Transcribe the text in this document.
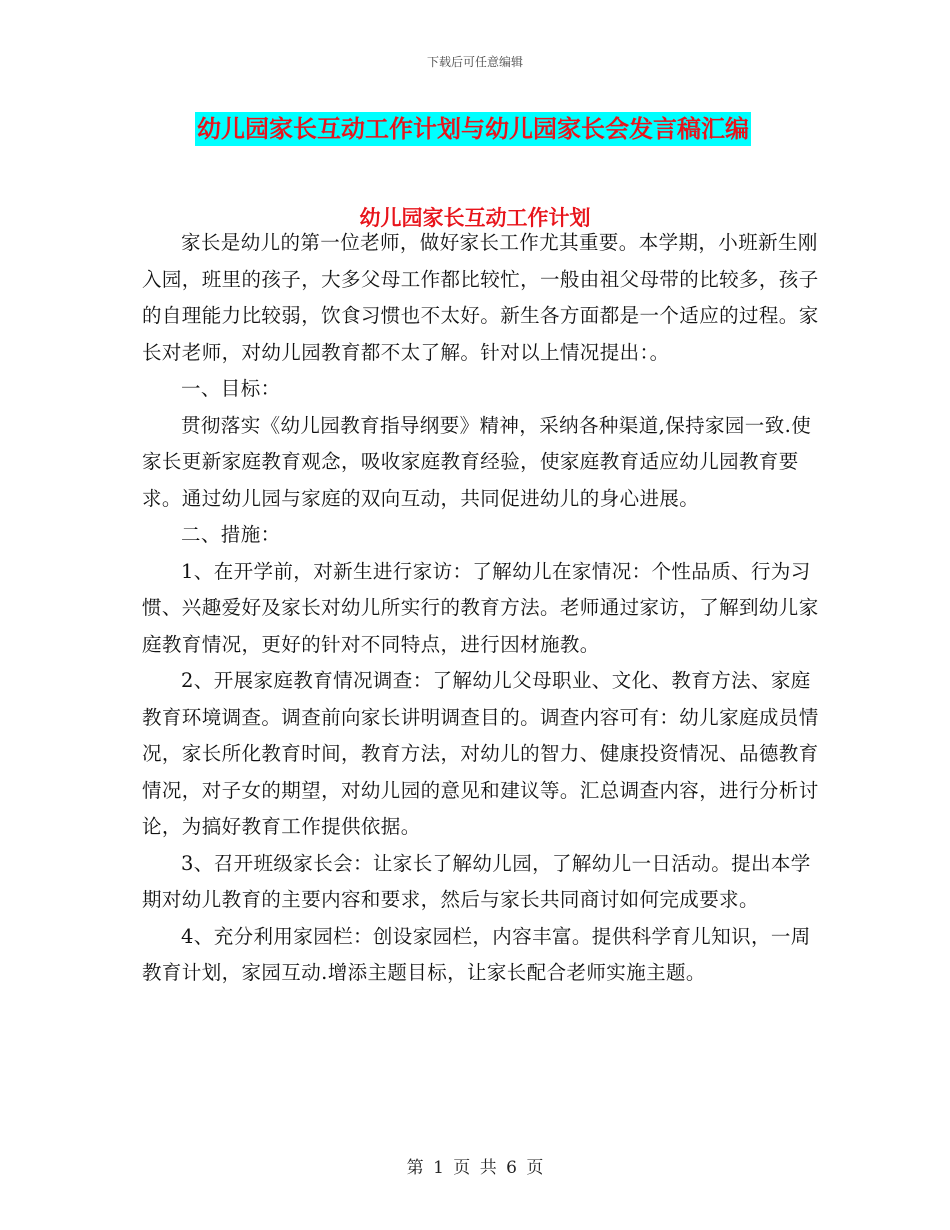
下载后可任意编辑
幼儿园家长互动工作计划与幼儿园家长会发言稿汇编
幼儿园家长互动工作计划

家长是幼儿的第一位老师，做好家长工作尤其重要。本学期，小班新生刚入园，班里的孩子，大多父母工作都比较忙，一般由祖父母带的比较多，孩子的自理能力比较弱，饮食习惯也不太好。新生各方面都是一个适应的过程。家长对老师，对幼儿园教育都不太了解。针对以上情况提出：。

一、目标：

贯彻落实《幼儿园教育指导纲要》精神，采纳各种渠道,保持家园一致.使家长更新家庭教育观念，吸收家庭教育经验，使家庭教育适应幼儿园教育要求。通过幼儿园与家庭的双向互动，共同促进幼儿的身心进展。

二、措施：

1、在开学前，对新生进行家访：了解幼儿在家情况：个性品质、行为习惯、兴趣爱好及家长对幼儿所实行的教育方法。老师通过家访，了解到幼儿家庭教育情况，更好的针对不同特点，进行因材施教。

2、开展家庭教育情况调查：了解幼儿父母职业、文化、教育方法、家庭教育环境调查。调查前向家长讲明调查目的。调查内容可有：幼儿家庭成员情况，家长所化教育时间，教育方法，对幼儿的智力、健康投资情况、品德教育情况，对子女的期望，对幼儿园的意见和建议等。汇总调查内容，进行分析讨论，为搞好教育工作提供依据。

3、召开班级家长会：让家长了解幼儿园，了解幼儿一日活动。提出本学期对幼儿教育的主要内容和要求，然后与家长共同商讨如何完成要求。

4、充分利用家园栏：创设家园栏，内容丰富。提供科学育儿知识，一周教育计划，家园互动.增添主题目标，让家长配合老师实施主题。

第 1 页 共 6 页
